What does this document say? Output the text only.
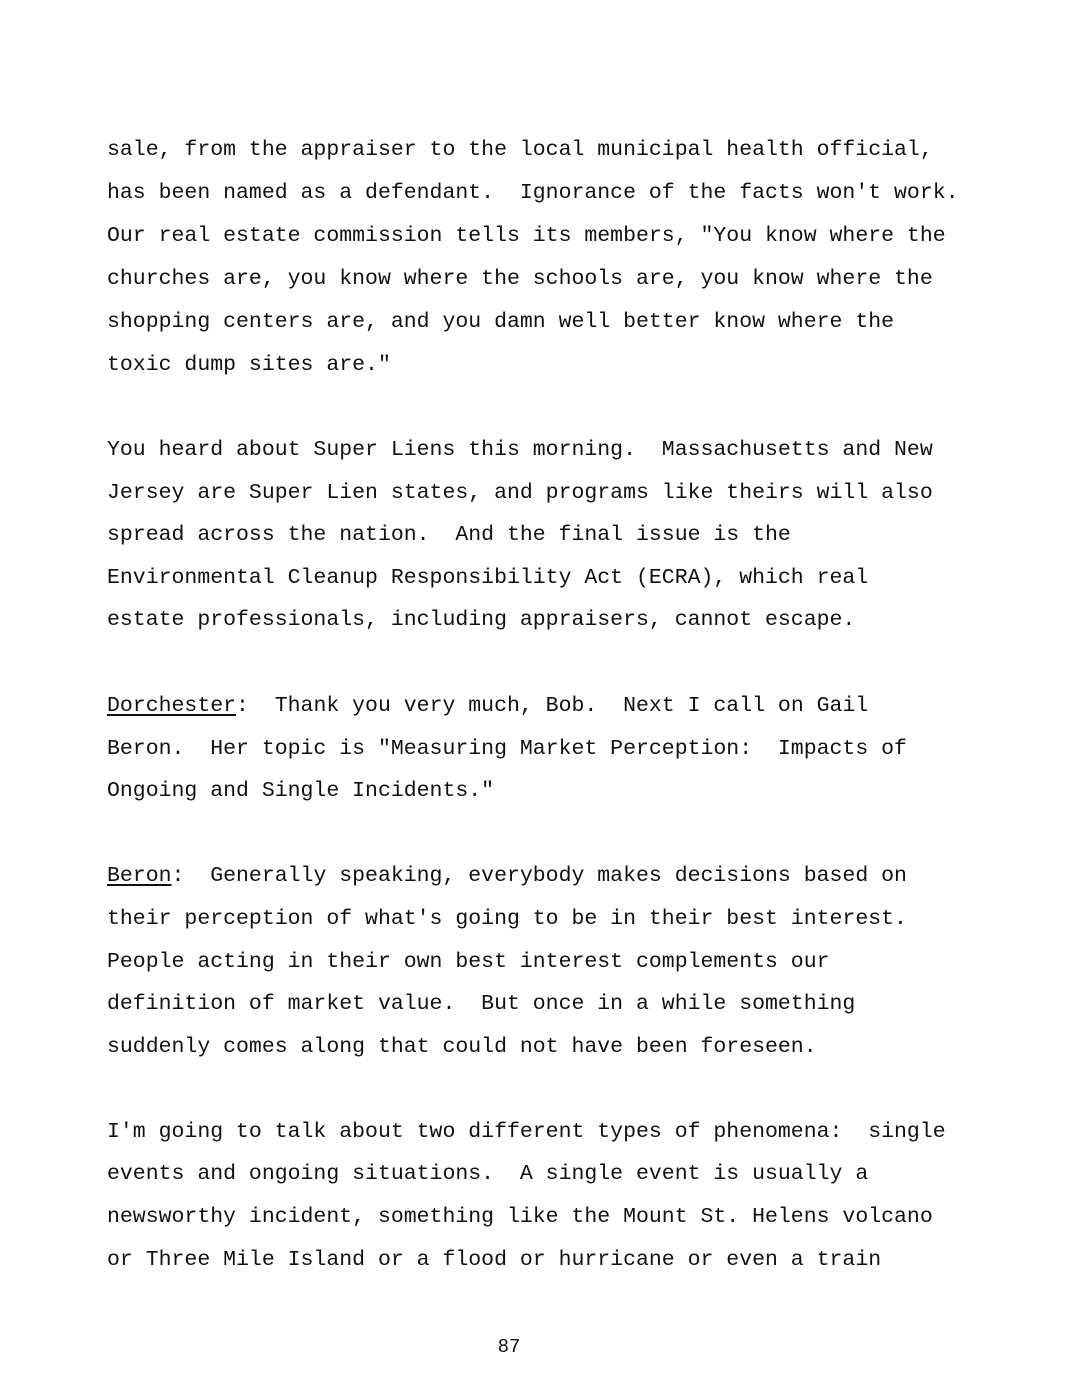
sale, from the appraiser to the local municipal health official,

has been named as a defendant.  Ignorance of the facts won't work.

Our real estate commission tells its members, "You know where the

churches are, you know where the schools are, you know where the

shopping centers are, and you damn well better know where the

toxic dump sites are."

You heard about Super Liens this morning.  Massachusetts and New

Jersey are Super Lien states, and programs like theirs will also

spread across the nation.  And the final issue is the

Environmental Cleanup Responsibility Act (ECRA), which real

estate professionals, including appraisers, cannot escape.

Dorchester:  Thank you very much, Bob.  Next I call on Gail

Beron.  Her topic is "Measuring Market Perception:  Impacts of

Ongoing and Single Incidents."

Beron:  Generally speaking, everybody makes decisions based on

their perception of what's going to be in their best interest.

People acting in their own best interest complements our

definition of market value.  But once in a while something

suddenly comes along that could not have been foreseen.

I'm going to talk about two different types of phenomena:  single

events and ongoing situations.  A single event is usually a

newsworthy incident, something like the Mount St. Helens volcano

or Three Mile Island or a flood or hurricane or even a train

87
